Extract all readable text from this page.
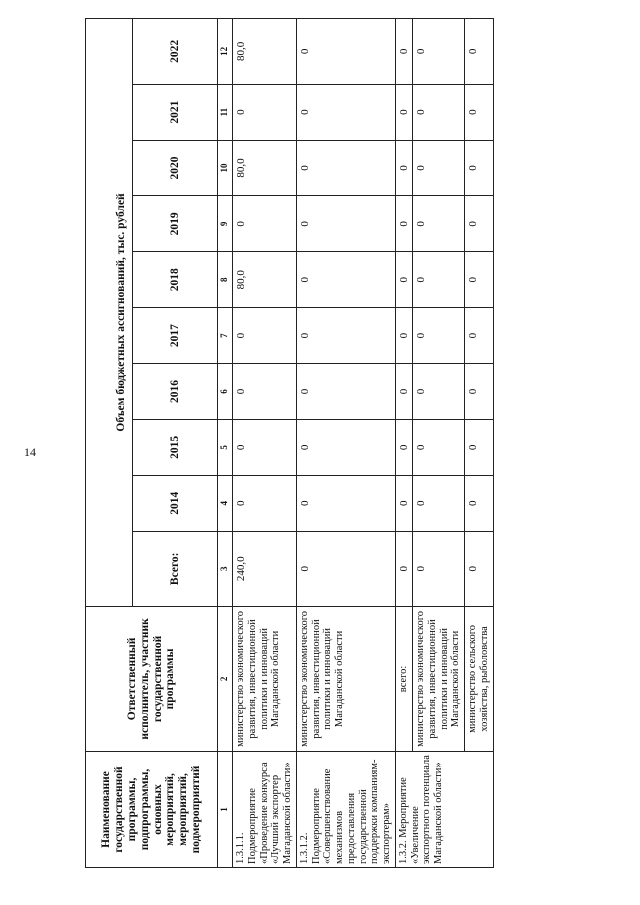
14
Наименование государственной программы, подпрограммы, основных мероприятий, мероприятий, подмероприятий	Ответственный исполнитель, участник государственной программы	Объем бюджетных ассигнований, тыс. рублей									
		Всего:	2014	2015	2016	2017	2018	2019	2020	2021	2022
1	2	3	4	5	6	7	8	9	10	11	12
1.3.1.1. Подмероприятие «Проведение конкурса «Лучший экспортер Магаданской области»	министерство экономического развития, инвестиционной политики и инноваций Магаданской области	240,0	0	0	0	0	80,0	0	80,0	0	80,0
1.3.1.2. Подмероприятие «Совершенствование механизмов предоставления государственной поддержки компаниям-экспортерам»	министерство экономического развития, инвестиционной политики и инноваций Магаданской области	0	0	0	0	0	0	0	0	0	0
1.3.2. Мероприятие «Увеличение экспортного потенциала Магаданской области»	всего:	0	0	0	0	0	0	0	0	0	0
	министерство экономического развития, инвестиционной политики и инноваций Магаданской области	0	0	0	0	0	0	0	0	0	0
	министерство сельского хозяйства, рыболовства	0	0	0	0	0	0	0	0	0	0
